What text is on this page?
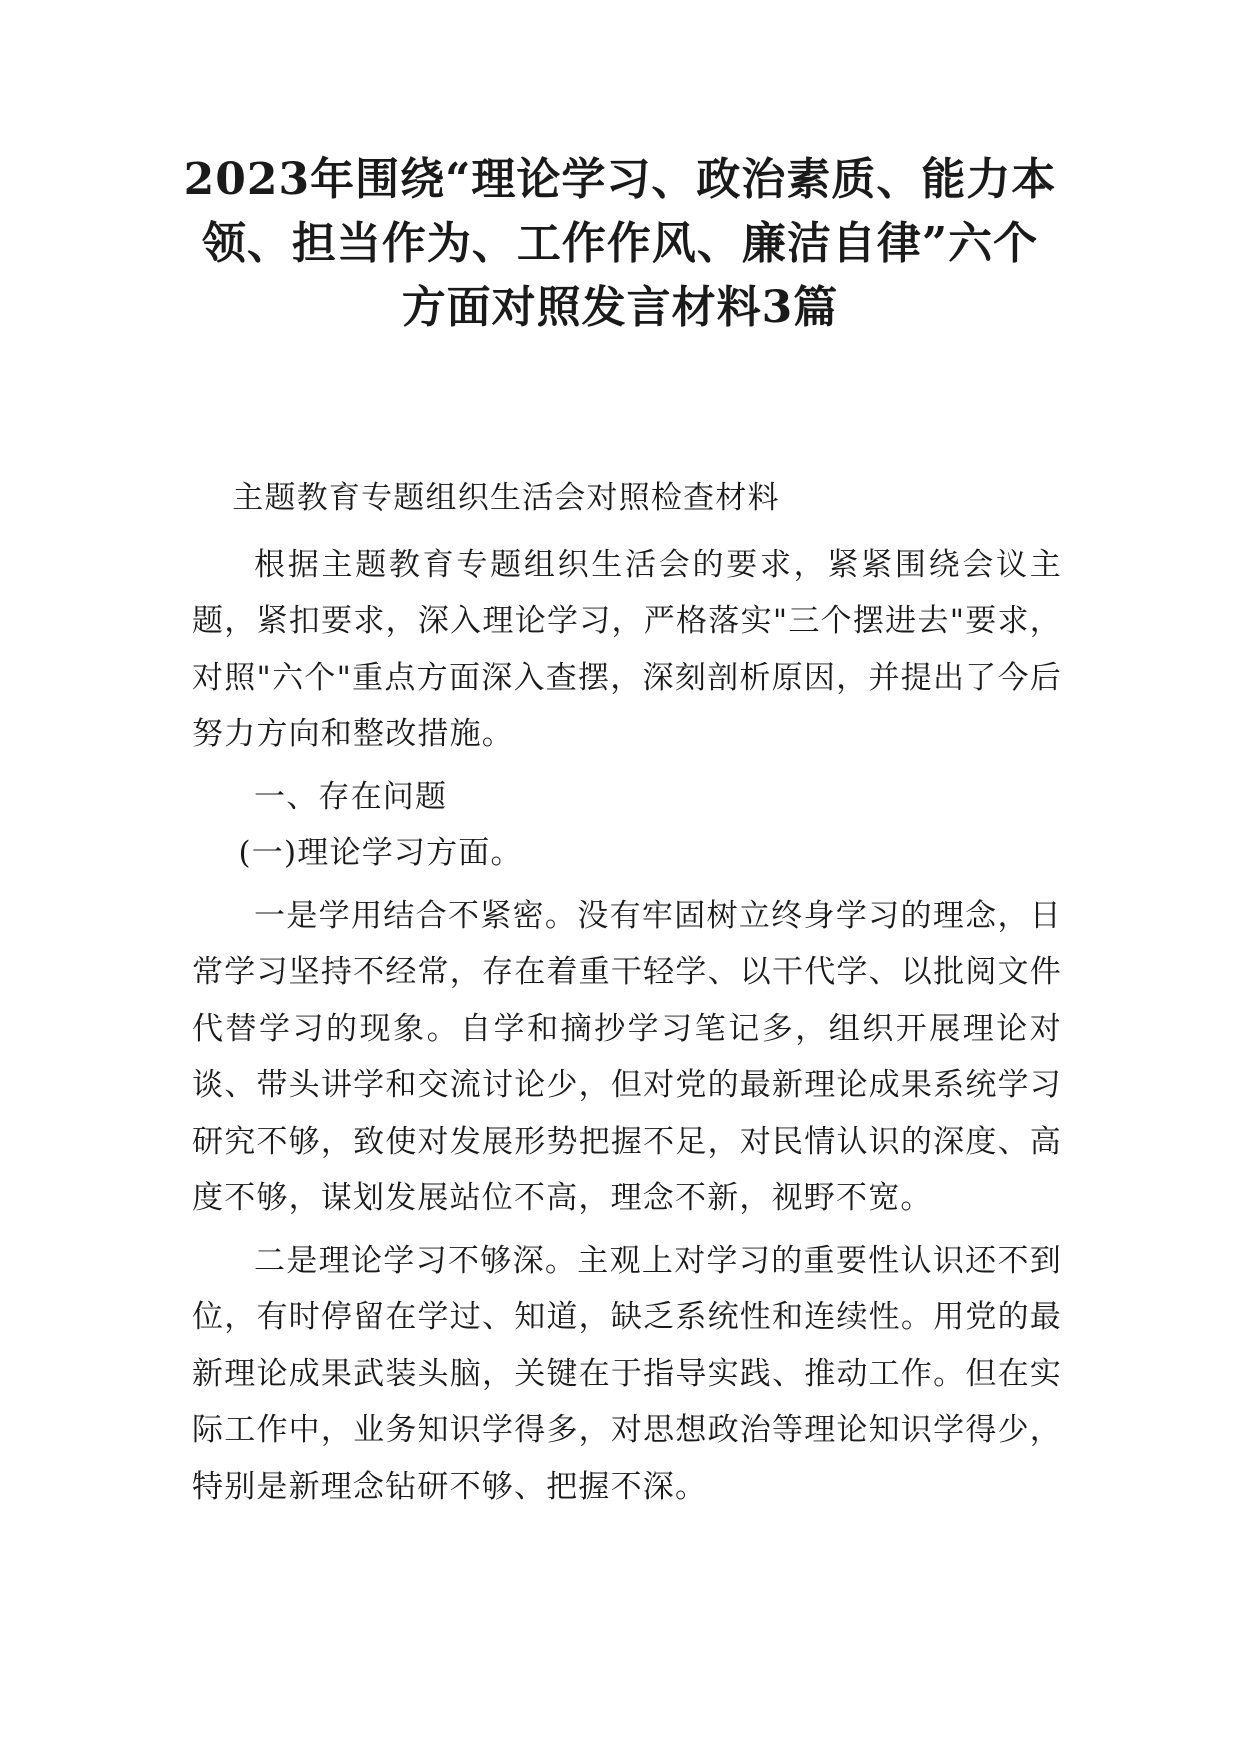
2023年围绕“理论学习、政治素质、能力本
领、担当作为、工作作风、廉洁自律”六个
方面对照发言材料3篇

主题教育专题组织生活会对照检查材料

根据主题教育专题组织生活会的要求，紧紧围绕会议主题，紧扣要求，深入理论学习，严格落实"三个摆进去"要求，对照"六个"重点方面深入查摆，深刻剖析原因，并提出了今后努力方向和整改措施。

一、存在问题

(一)理论学习方面。

一是学用结合不紧密。没有牢固树立终身学习的理念，日常学习坚持不经常，存在着重干轻学、以干代学、以批阅文件代替学习的现象。自学和摘抄学习笔记多，组织开展理论对谈、带头讲学和交流讨论少，但对党的最新理论成果系统学习研究不够，致使对发展形势把握不足，对民情认识的深度、高度不够，谋划发展站位不高，理念不新，视野不宽。

二是理论学习不够深。主观上对学习的重要性认识还不到位，有时停留在学过、知道，缺乏系统性和连续性。用党的最新理论成果武装头脑，关键在于指导实践、推动工作。但在实际工作中，业务知识学得多，对思想政治等理论知识学得少，特别是新理念钻研不够、把握不深。
